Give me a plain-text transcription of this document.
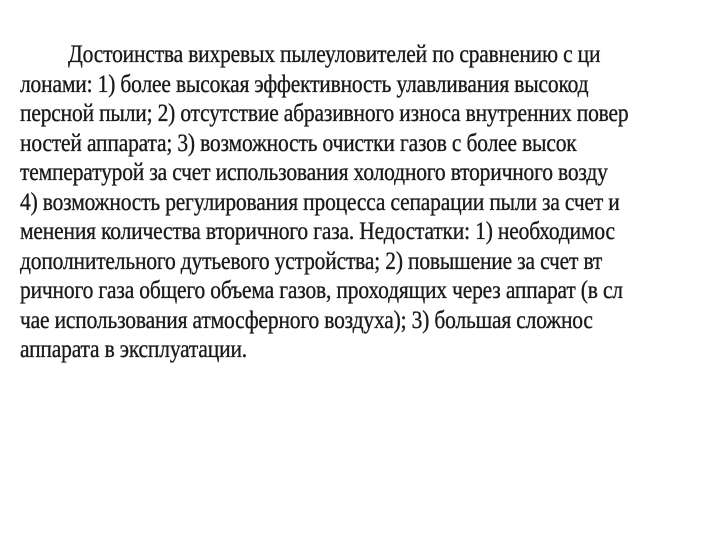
Достоинства вихревых пылеуловителей по сравнению с ци
лонами: 1) более высокая эффективность улавливания высокод
персной пыли; 2) отсутствие абразивного износа внутренних повер
ностей аппарата; 3) возможность очистки газов с более высок
температурой за счет использования холодного вторичного возду
4) возможность регулирования процесса сепарации пыли за счет и
менения количества вторичного газа. Недостатки: 1) необходимос
дополнительного дутьевого устройства; 2) повышение за счет вт
ричного газа общего объема газов, проходящих через аппарат (в сл
чае использования атмосферного воздуха); 3) большая сложнос
аппарата в эксплуатации.
